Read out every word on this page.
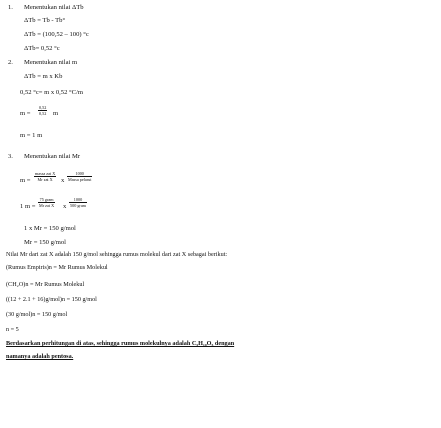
1. Menentukan nilai ΔTb
ΔTb = Tb - Tb°
ΔTb = (100,52 – 100) °c
ΔTb= 0,52 °c
2. Menentukan nilai m
ΔTb = m x Kb
0,52 °c= m x 0,52 °C/m
$m = \frac{0,52}{0,52}$ m
m = 1 m
3. Menentukan nilai Mr
m =
massa zat X
Mr zat X	x
1000
Massa pelarut
1 m =
75 gram
Mr zat X x
1000
500 gram
1 x Mr = 150 g/mol
Mr = 150 g/mol
Nilai Mr dari zat X adalah 150 g/mol sehingga rumus molekul dari zat X sebagai berikut:
(Rumus Empiris)n = Mr Rumus Molekul
(CH₂O)n = Mr Rumus Molekul
((12 + 2.1 + 16)g/mol)n = 150 g/mol
(30 g/mol)n = 150 g/mol
n = 5
Berdasarkan perhitungan di atas, sehingga rumus molekulnya adalah C₅H₁₀O₅ dengan
namanya adalah pentosa.
